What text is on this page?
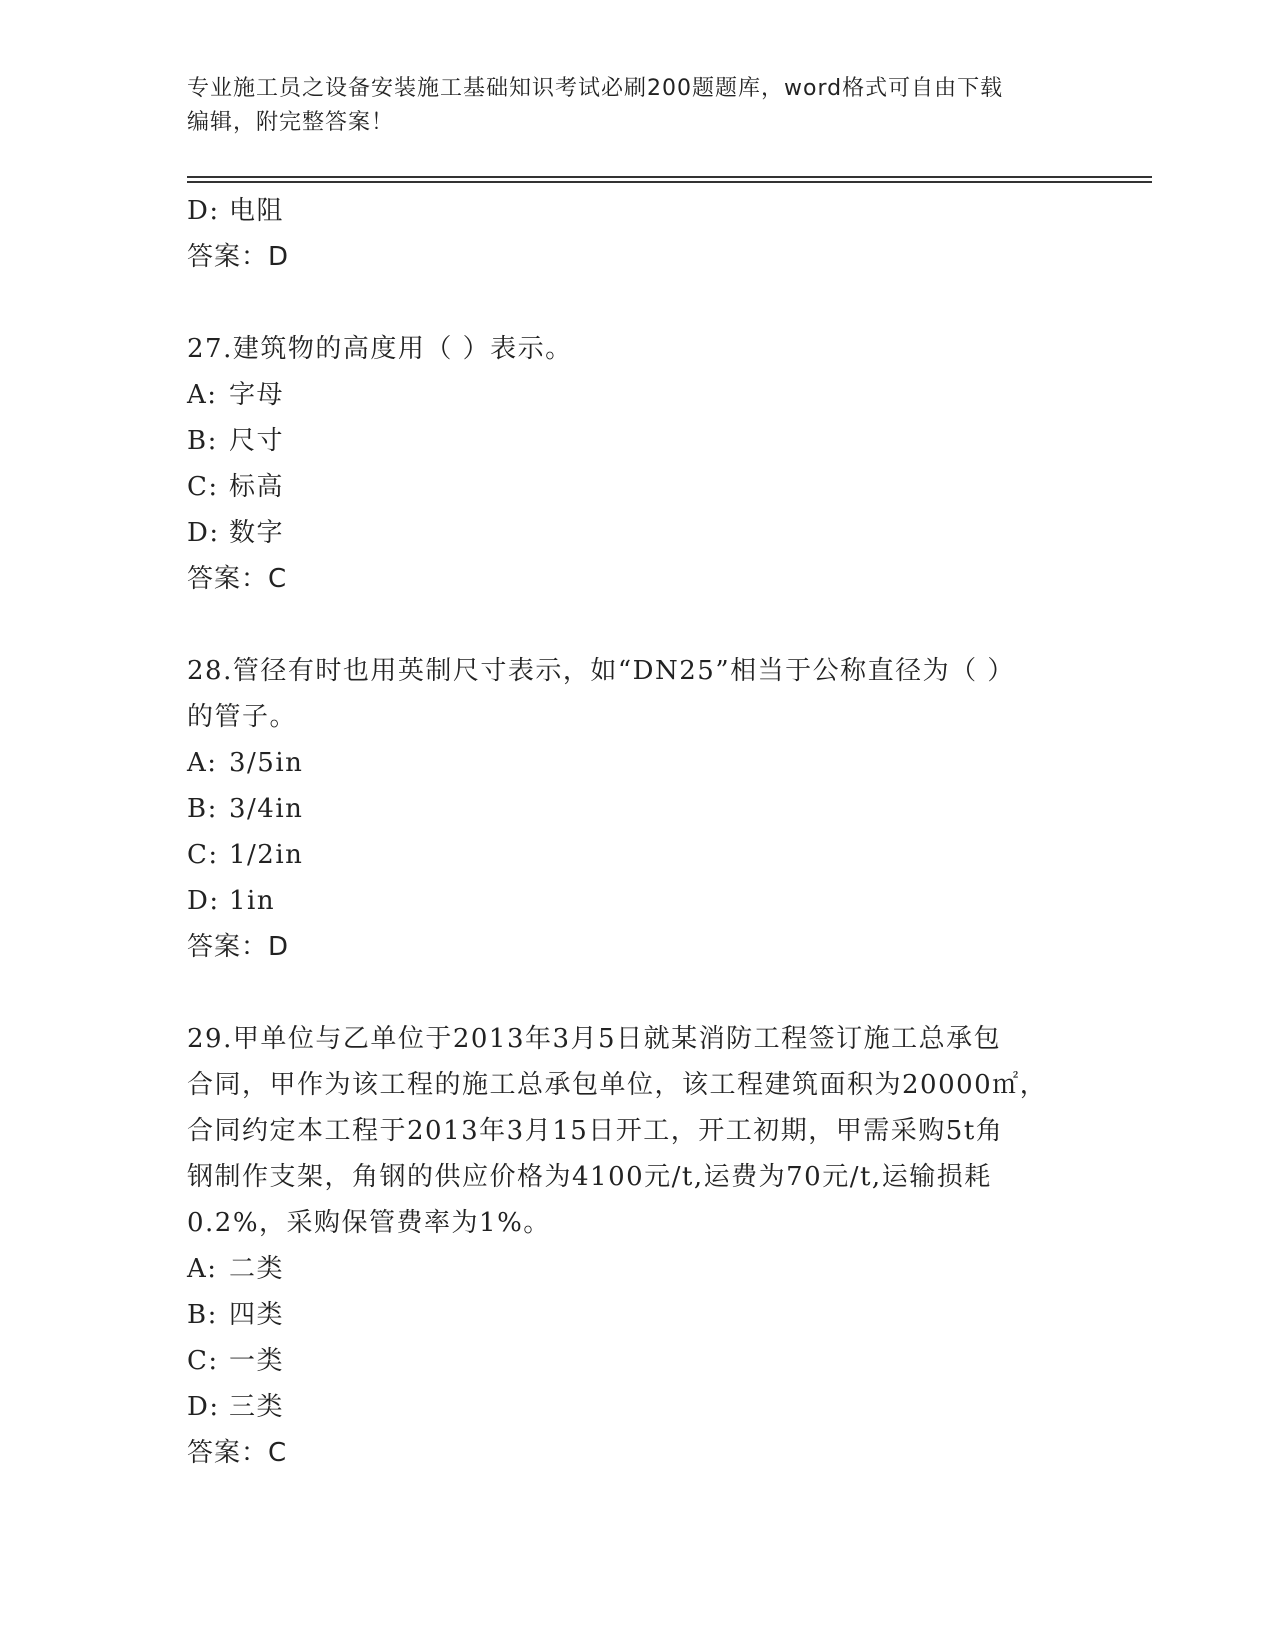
专业施工员之设备安装施工基础知识考试必刷200题题库，word格式可自由下载
编辑，附完整答案！
D: 电阻
答案：D
27.建筑物的高度用（ ）表示。
A: 字母
B: 尺寸
C: 标高
D: 数字
答案：C
28.管径有时也用英制尺寸表示，如“DN25”相当于公称直径为（ ）
的管子。
A: 3/5in
B: 3/4in
C: 1/2in
D: 1in
答案：D
29.甲单位与乙单位于2013年3月5日就某消防工程签订施工总承包
合同，甲作为该工程的施工总承包单位，该工程建筑面积为20000㎡，
合同约定本工程于2013年3月15日开工，开工初期，甲需采购5t角
钢制作支架，角钢的供应价格为4100元/t,运费为70元/t,运输损耗
0.2%，采购保管费率为1%。
A: 二类
B: 四类
C: 一类
D: 三类
答案：C
